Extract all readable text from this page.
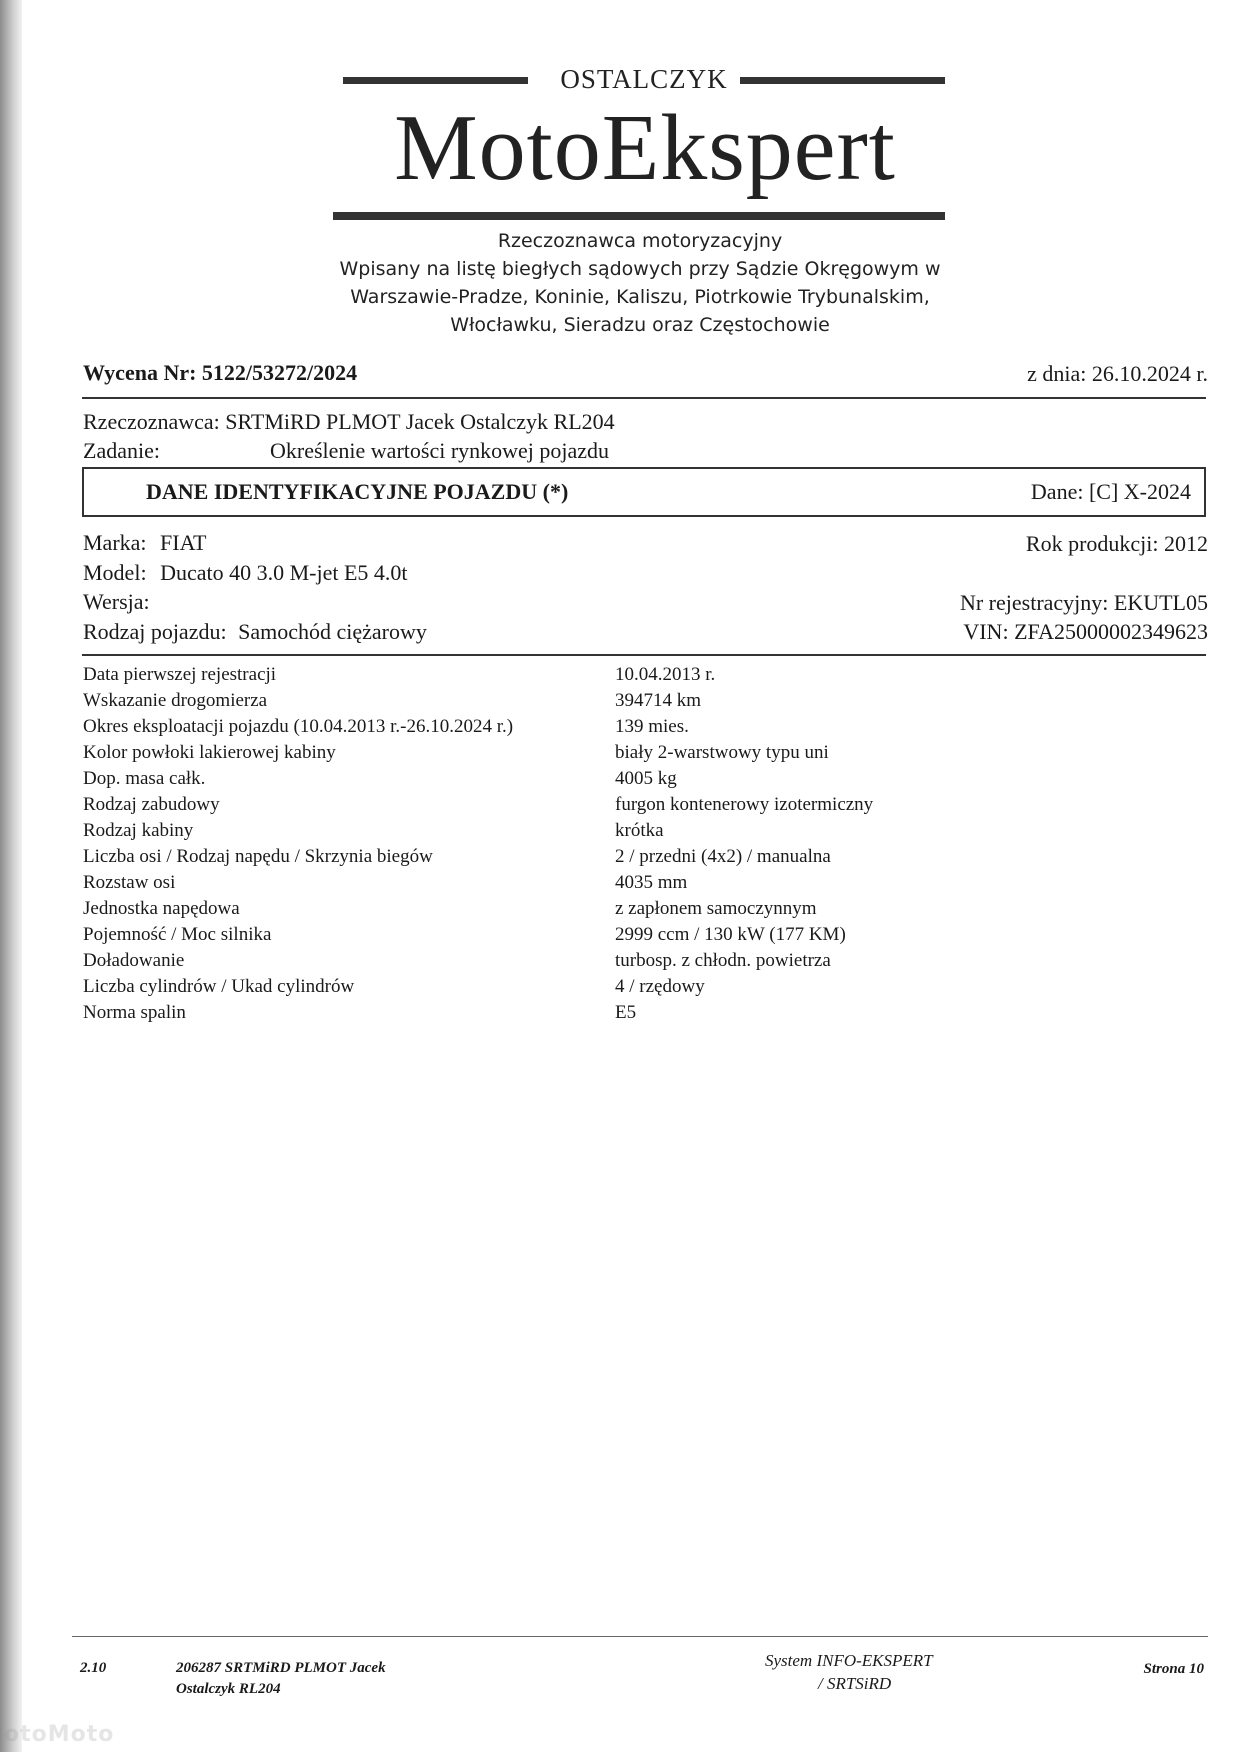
OSTALCZYK
MotoEkspert
Rzeczoznawca motoryzacyjny
Wpisany na listę biegłych sądowych przy Sądzie Okręgowym w
Warszawie-Pradze, Koninie, Kaliszu, Piotrkowie Trybunalskim,
Włocławku, Sieradzu oraz Częstochowie
Wycena Nr: 5122/53272/2024	z dnia: 26.10.2024 r.
Rzeczoznawca: SRTMiRD PLMOT Jacek Ostalczyk RL204
Zadanie:	Określenie wartości rynkowej pojazdu
DANE IDENTYFIKACYJNE POJAZDU (*)	Dane: [C] X-2024
Marka: FIAT	Rok produkcji: 2012
Model: Ducato 40 3.0 M-jet E5 4.0t
Wersja:	Nr rejestracyjny: EKUTL05
Rodzaj pojazdu: Samochód ciężarowy	VIN: ZFA25000002349623
Data pierwszej rejestracji	10.04.2013 r.
Wskazanie drogomierza	394714 km
Okres eksploatacji pojazdu (10.04.2013 r.-26.10.2024 r.)	139 mies.
Kolor powłoki lakierowej kabiny	biały 2-warstwowy typu uni
Dop. masa całk.	4005 kg
Rodzaj zabudowy	furgon kontenerowy izotermiczny
Rodzaj kabiny	krótka
Liczba osi / Rodzaj napędu / Skrzynia biegów	2 / przedni (4x2) / manualna
Rozstaw osi	4035 mm
Jednostka napędowa	z zapłonem samoczynnym
Pojemność / Moc silnika	2999 ccm / 130 kW (177 KM)
Doładowanie	turbosp. z chłodn. powietrza
Liczba cylindrów / Ukad cylindrów	4 / rzędowy
Norma spalin	E5
2.10	206287 SRTMiRD PLMOT Jacek
Ostalczyk RL204
System INFO-EKSPERT
/ SRTSiRD
Strona 10
otoMoto
